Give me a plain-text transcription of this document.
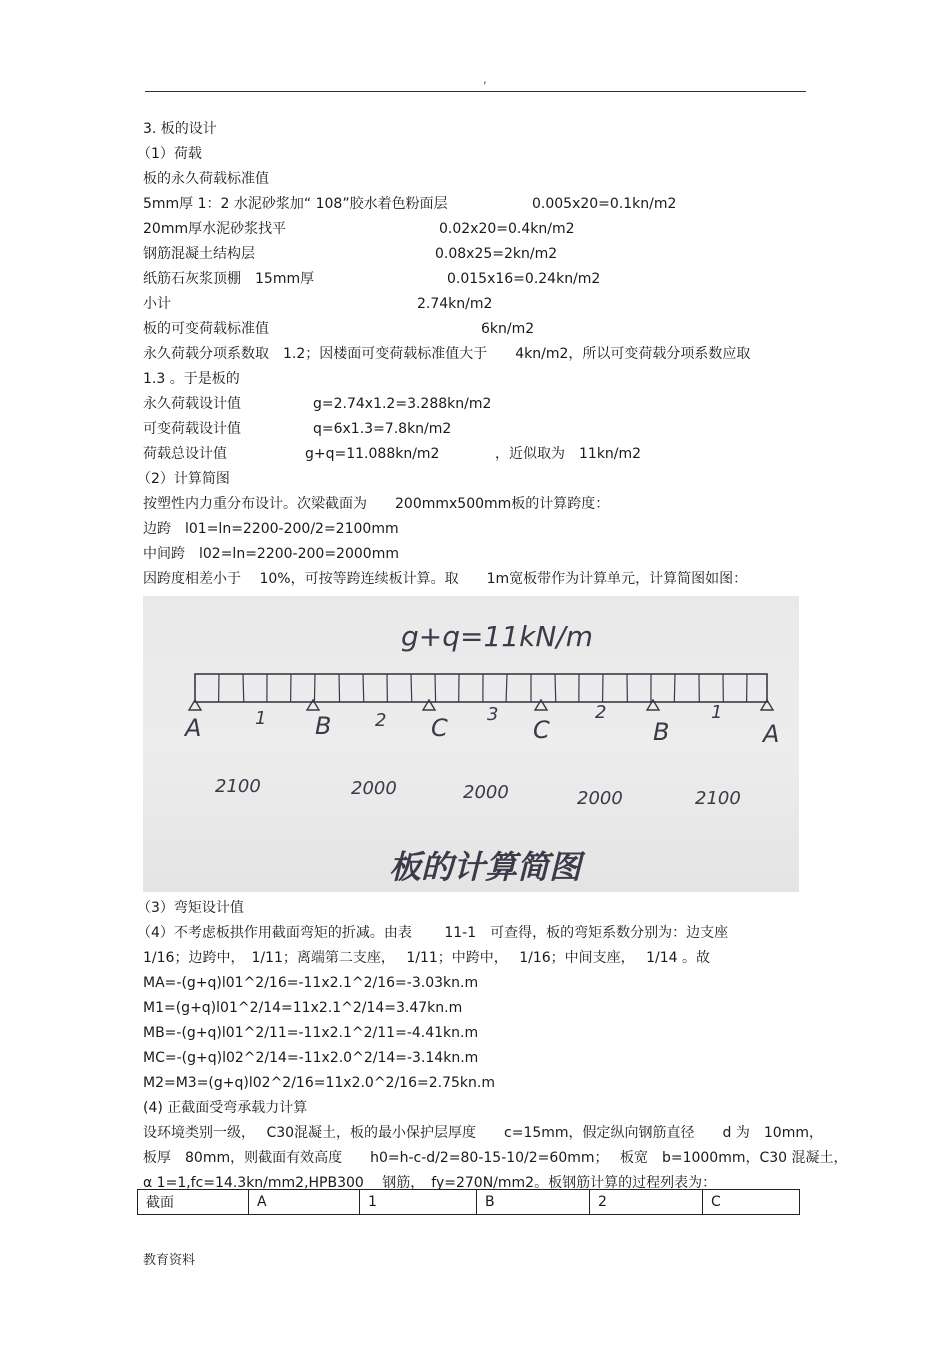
,
3. 板的设计
（1）荷载
板的永久荷载标准值
5mm厚 1：2 水泥砂浆加“ 108”胶水着色粉面层	0.005x20=0.1kn/m2
20mm厚水泥砂浆找平	0.02x20=0.4kn/m2
钢筋混凝土结构层	0.08x25=2kn/m2
纸筋石灰浆顶棚　15mm厚	0.015x16=0.24kn/m2
小计	2.74kn/m2
板的可变荷载标准值	6kn/m2
永久荷载分项系数取　1.2；因楼面可变荷载标准值大于　　4kn/m2，所以可变荷载分项系数应取
1.3 。于是板的
永久荷载设计值	g=2.74x1.2=3.288kn/m2
可变荷载设计值	q=6x1.3=7.8kn/m2
荷载总设计值	g+q=11.088kn/m2	，近似取为　11kn/m2
（2）计算简图
按塑性内力重分布设计。次梁截面为　　200mmx500mm板的计算跨度：
边跨　l01=ln=2200-200/2=2100mm
中间跨　l02=ln=2200-200=2000mm
因跨度相差小于　 10%，可按等跨连续板计算。取　　1m宽板带作为计算单元，计算简图如图：
g+q=11kN/m
A	B	C	C	B	A
1	2	3	2	1
2100	2000	2000	2000	2100
板的计算简图
（3）弯矩设计值
（4）不考虑板拱作用截面弯矩的折减。由表　　 11-1　可查得，板的弯矩系数分别为：边支座
1/16；边跨中，　1/11；离端第二支座，　 1/11；中跨中，　 1/16；中间支座，　 1/14 。故
MA=-(g+q)l01^2/16=-11x2.1^2/16=-3.03kn.m
M1=(g+q)l01^2/14=11x2.1^2/14=3.47kn.m
MB=-(g+q)l01^2/11=-11x2.1^2/11=-4.41kn.m
MC=-(g+q)l02^2/14=-11x2.0^2/14=-3.14kn.m
M2=M3=(g+q)l02^2/16=11x2.0^2/16=2.75kn.m
(4) 正截面受弯承载力计算
设环境类别一级，　 C30混凝土，板的最小保护层厚度　　c=15mm，假定纵向钢筋直径　　d 为　10mm，
板厚　80mm，则截面有效高度　　h0=h-c-d/2=80-15-10/2=60mm；　 板宽　b=1000mm，C30 混凝土，
α 1=1,fc=14.3kn/mm2,HPB300　 钢筋，　fy=270N/mm2。板钢筋计算的过程列表为：
截面	A	1	B	2	C
教育资料
